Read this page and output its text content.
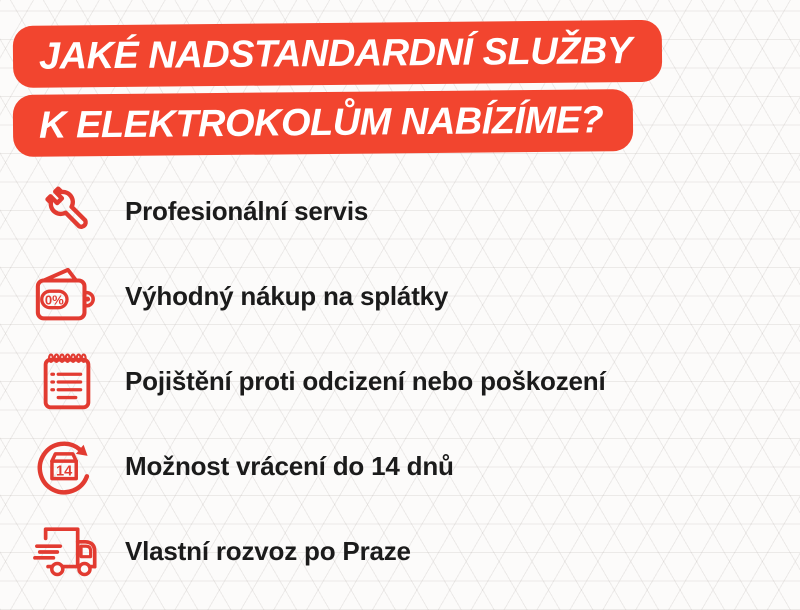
JAKÉ NADSTANDARDNÍ SLUŽBY
K ELEKTROKOLŮM NABÍZÍME?
Profesionální servis
0% Výhodný nákup na splátky
Pojištění proti odcizení nebo poškození
14 Možnost vrácení do 14 dnů
Vlastní rozvoz po Praze
